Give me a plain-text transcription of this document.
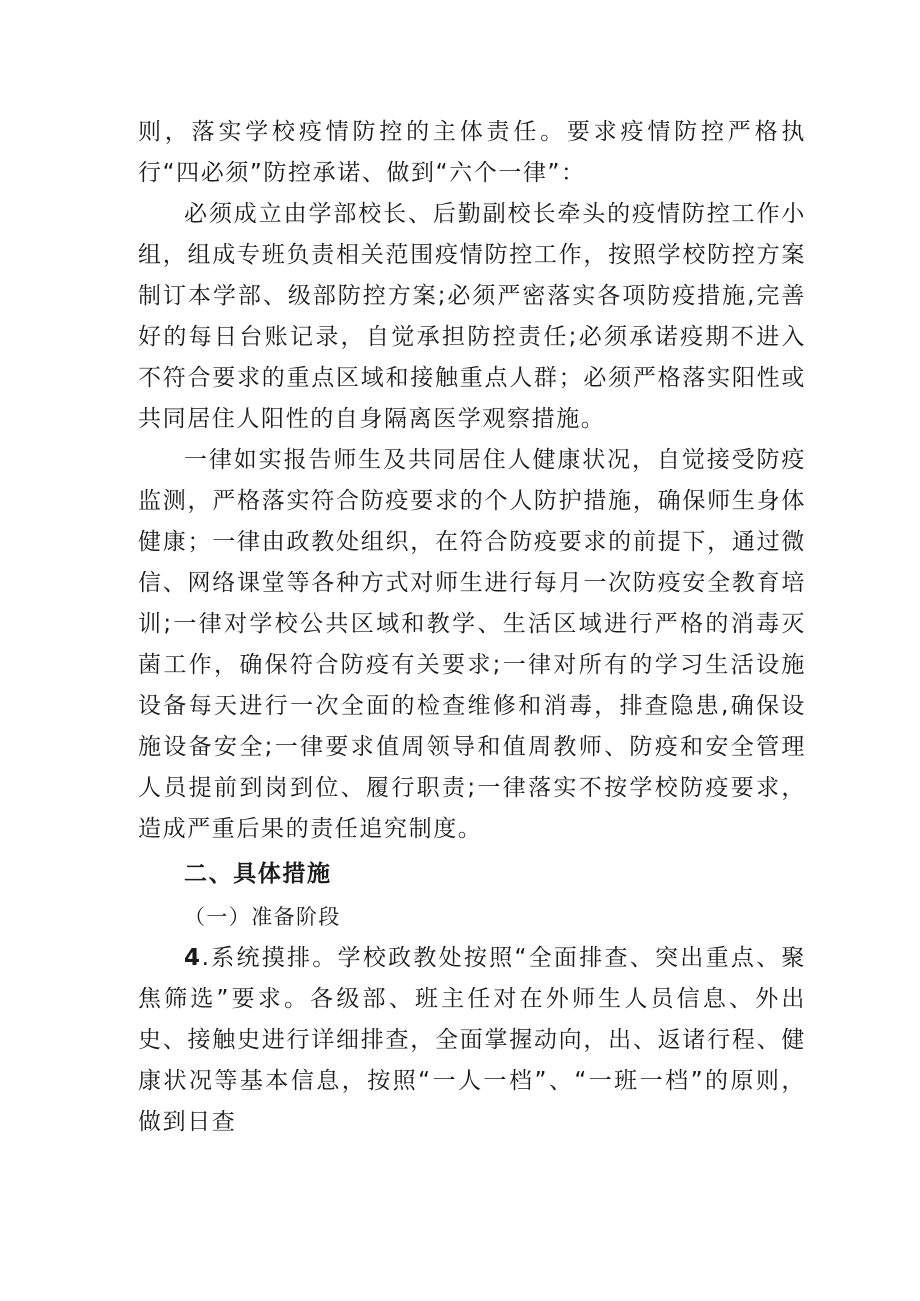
则，落实学校疫情防控的主体责任。要求疫情防控严格执行“四必须”防控承诺、做到“六个一律”：

必须成立由学部校长、后勤副校长牵头的疫情防控工作小组，组成专班负责相关范围疫情防控工作，按照学校防控方案制订本学部、级部防控方案;必须严密落实各项防疫措施,完善好的每日台账记录，自觉承担防控责任;必须承诺疫期不进入不符合要求的重点区域和接触重点人群；必须严格落实阳性或共同居住人阳性的自身隔离医学观察措施。

一律如实报告师生及共同居住人健康状况，自觉接受防疫监测，严格落实符合防疫要求的个人防护措施，确保师生身体健康；一律由政教处组织，在符合防疫要求的前提下，通过微信、网络课堂等各种方式对师生进行每月一次防疫安全教育培训;一律对学校公共区域和教学、生活区域进行严格的消毒灭菌工作，确保符合防疫有关要求;一律对所有的学习生活设施设备每天进行一次全面的检查维修和消毒，排查隐患,确保设施设备安全;一律要求值周领导和值周教师、防疫和安全管理人员提前到岗到位、履行职责;一律落实不按学校防疫要求，造成严重后果的责任追究制度。

二、具体措施

（一）准备阶段

4.系统摸排。学校政教处按照“全面排查、突出重点、聚焦筛选”要求。各级部、班主任对在外师生人员信息、外出史、接触史进行详细排查，全面掌握动向，出、返诸行程、健康状况等基本信息，按照“一人一档”、“一班一档”的原则，做到日查
